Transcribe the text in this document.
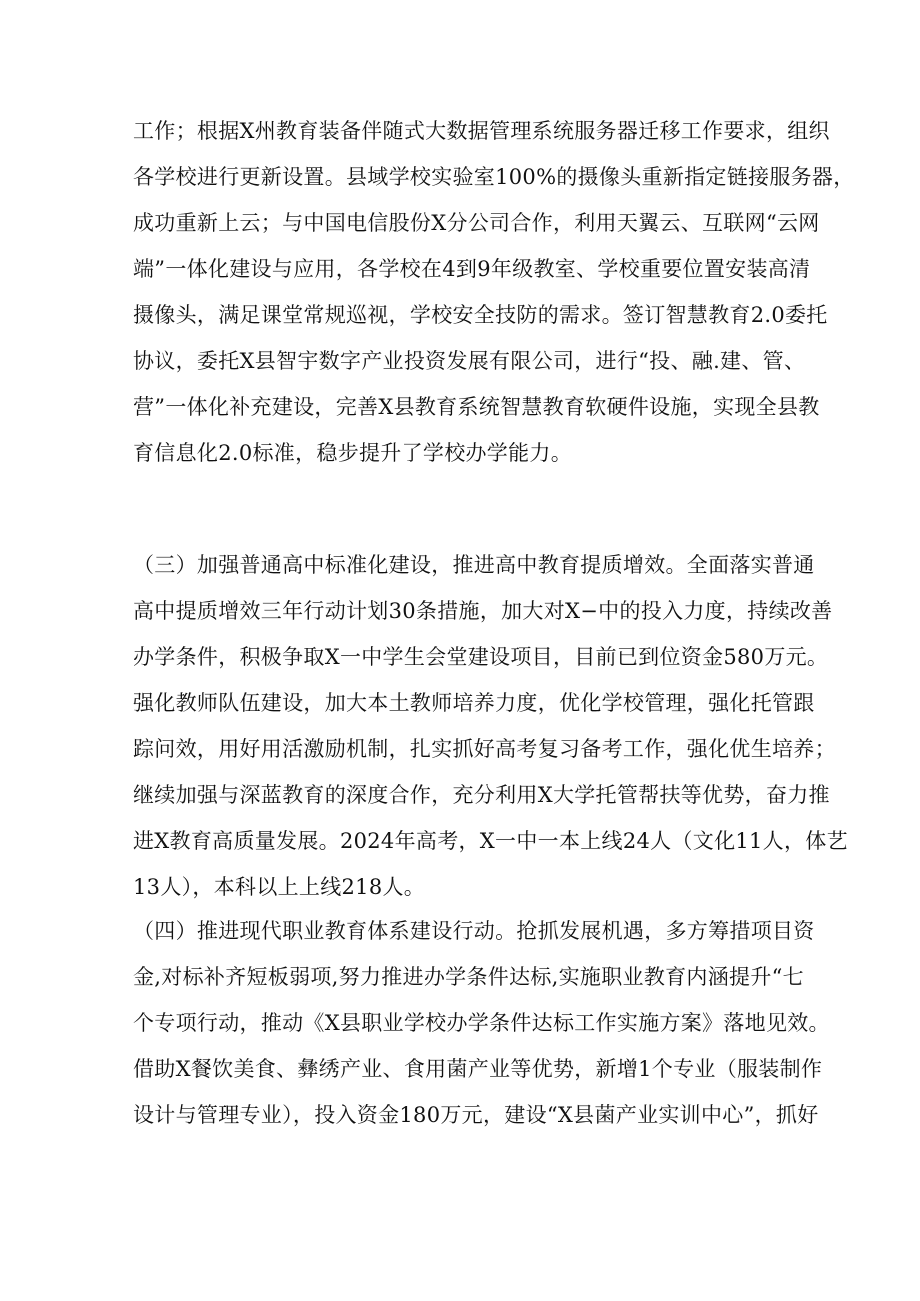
工作；根据X州教育装备伴随式大数据管理系统服务器迁移工作要求，组织
各学校进行更新设置。县域学校实验室100%的摄像头重新指定链接服务器，
成功重新上云；与中国电信股份X分公司合作，利用天翼云、互联网“云网
端”一体化建设与应用，各学校在4到9年级教室、学校重要位置安装高清
摄像头，满足课堂常规巡视，学校安全技防的需求。签订智慧教育2.0委托
协议，委托X县智宇数字产业投资发展有限公司，进行“投、融.建、管、
营”一体化补充建设，完善X县教育系统智慧教育软硬件设施，实现全县教
育信息化2.0标准，稳步提升了学校办学能力。
（三）加强普通高中标准化建设，推进高中教育提质增效。全面落实普通
高中提质增效三年行动计划30条措施，加大对X−中的投入力度，持续改善
办学条件，积极争取X一中学生会堂建设项目，目前已到位资金580万元。
强化教师队伍建设，加大本土教师培养力度，优化学校管理，强化托管跟
踪问效，用好用活激励机制，扎实抓好高考复习备考工作，强化优生培养；
继续加强与深蓝教育的深度合作，充分利用X大学托管帮扶等优势，奋力推
进X教育高质量发展。2024年高考，X一中一本上线24人（文化11人，体艺
13人），本科以上上线218人。
（四）推进现代职业教育体系建设行动。抢抓发展机遇，多方筹措项目资
金,对标补齐短板弱项,努力推进办学条件达标,实施职业教育内涵提升“七
个专项行动，推动《X县职业学校办学条件达标工作实施方案》落地见效。
借助X餐饮美食、彝绣产业、食用菌产业等优势，新增1个专业（服装制作
设计与管理专业），投入资金180万元，建设“X县菌产业实训中心”，抓好
